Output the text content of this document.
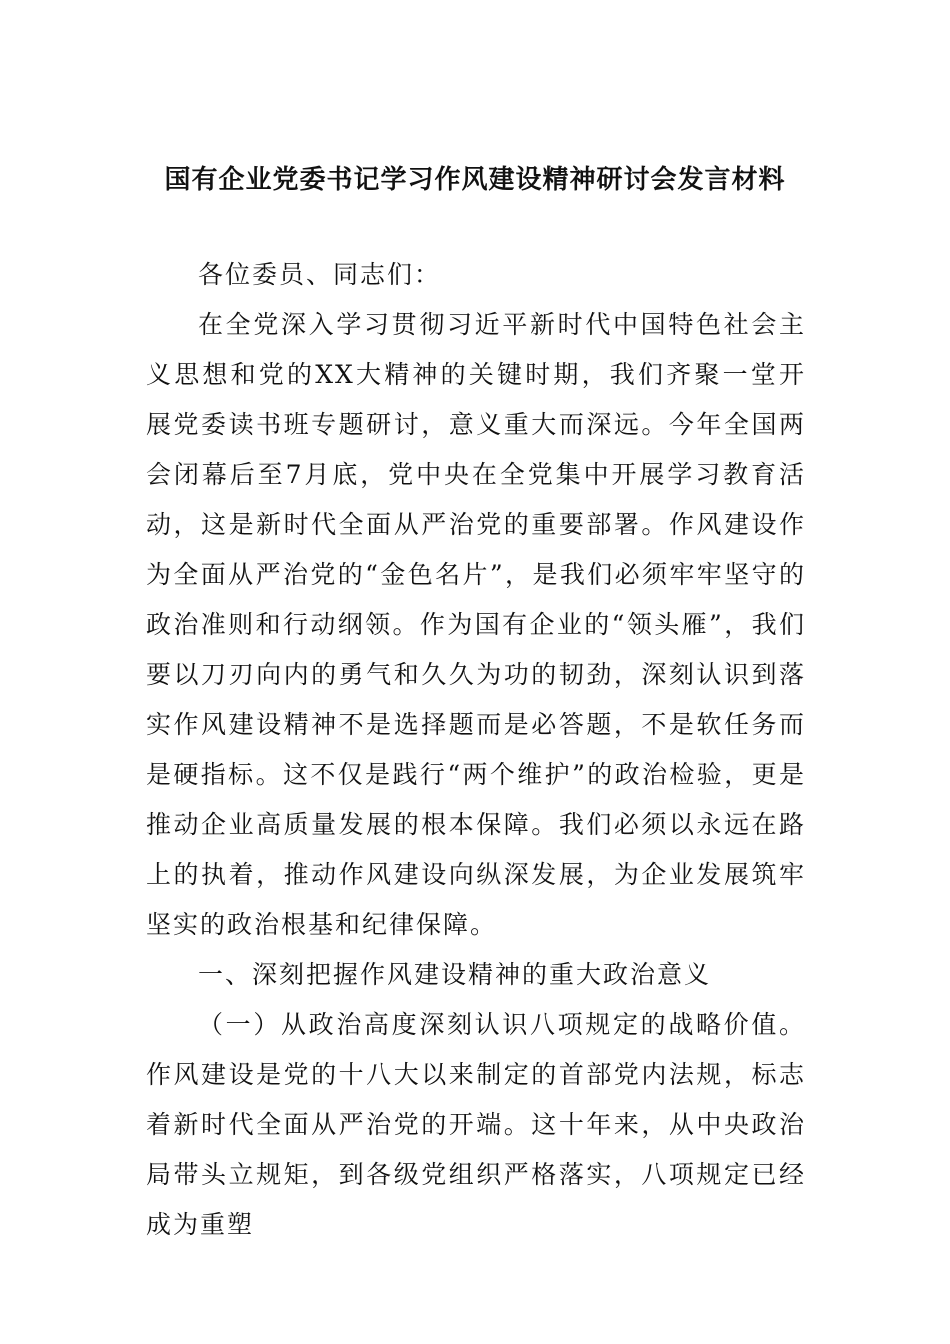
国有企业党委书记学习作风建设精神研讨会发言材料

各位委员、同志们：

在全党深入学习贯彻习近平新时代中国特色社会主义思想和党的XX大精神的关键时期，我们齐聚一堂开展党委读书班专题研讨，意义重大而深远。今年全国两会闭幕后至7月底，党中央在全党集中开展学习教育活动，这是新时代全面从严治党的重要部署。作风建设作为全面从严治党的“金色名片”，是我们必须牢牢坚守的政治准则和行动纲领。作为国有企业的“领头雁”，我们要以刀刃向内的勇气和久久为功的韧劲，深刻认识到落实作风建设精神不是选择题而是必答题，不是软任务而是硬指标。这不仅是践行“两个维护”的政治检验，更是推动企业高质量发展的根本保障。我们必须以永远在路上的执着，推动作风建设向纵深发展，为企业发展筑牢坚实的政治根基和纪律保障。

一、深刻把握作风建设精神的重大政治意义

（一）从政治高度深刻认识八项规定的战略价值。作风建设是党的十八大以来制定的首部党内法规，标志着新时代全面从严治党的开端。这十年来，从中央政治局带头立规矩，到各级党组织严格落实，八项规定已经成为重塑
